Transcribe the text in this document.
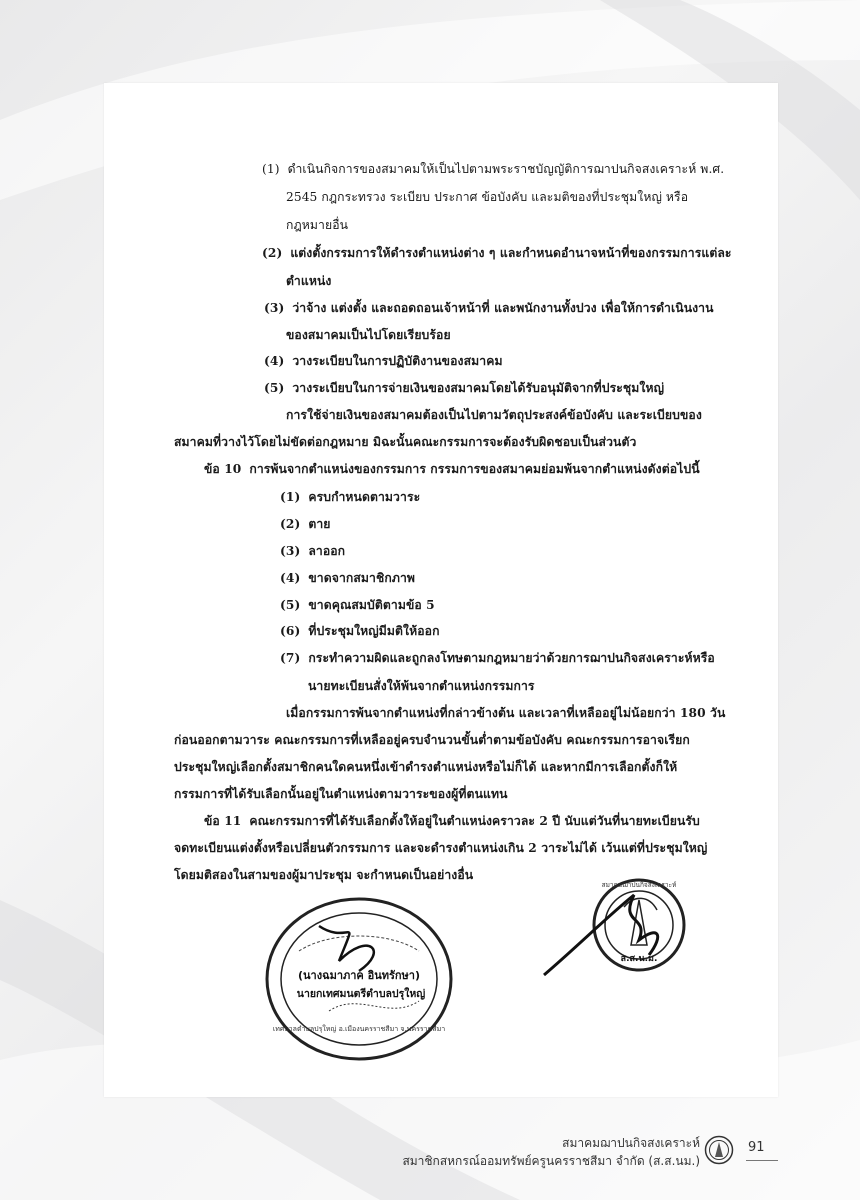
(1) ดำเนินกิจการของสมาคมให้เป็นไปตามพระราชบัญญัติการฌาปนกิจสงเคราะห์ พ.ศ.
2545 กฎกระทรวง ระเบียบ ประกาศ ข้อบังคับ และมติของที่ประชุมใหญ่ หรือ
กฎหมายอื่น
(2) แต่งตั้งกรรมการให้ดำรงตำแหน่งต่าง ๆ และกำหนดอำนาจหน้าที่ของกรรมการแต่ละ
ตำแหน่ง
(3) ว่าจ้าง แต่งตั้ง และถอดถอนเจ้าหน้าที่ และพนักงานทั้งปวง เพื่อให้การดำเนินงาน
ของสมาคมเป็นไปโดยเรียบร้อย
(4) วางระเบียบในการปฏิบัติงานของสมาคม
(5) วางระเบียบในการจ่ายเงินของสมาคมโดยได้รับอนุมัติจากที่ประชุมใหญ่
การใช้จ่ายเงินของสมาคมต้องเป็นไปตามวัตถุประสงค์ข้อบังคับ และระเบียบของ
สมาคมที่วางไว้โดยไม่ขัดต่อกฎหมาย มิฉะนั้นคณะกรรมการจะต้องรับผิดชอบเป็นส่วนตัว
ข้อ 10 การพ้นจากตำแหน่งของกรรมการ กรรมการของสมาคมย่อมพ้นจากตำแหน่งดังต่อไปนี้
(1) ครบกำหนดตามวาระ
(2) ตาย
(3) ลาออก
(4) ขาดจากสมาชิกภาพ
(5) ขาดคุณสมบัติตามข้อ 5
(6) ที่ประชุมใหญ่มีมติให้ออก
(7) กระทำความผิดและถูกลงโทษตามกฎหมายว่าด้วยการฌาปนกิจสงเคราะห์หรือ
นายทะเบียนสั่งให้พ้นจากตำแหน่งกรรมการ
เมื่อกรรมการพ้นจากตำแหน่งที่กล่าวข้างต้น และเวลาที่เหลืออยู่ไม่น้อยกว่า 180 วัน
ก่อนออกตามวาระ คณะกรรมการที่เหลืออยู่ครบจำนวนขั้นต่ำตามข้อบังคับ คณะกรรมการอาจเรียก
ประชุมใหญ่เลือกตั้งสมาชิกคนใดคนหนึ่งเข้าดำรงตำแหน่งหรือไม่ก็ได้ และหากมีการเลือกตั้งก็ให้
กรรมการที่ได้รับเลือกนั้นอยู่ในตำแหน่งตามวาระของผู้ที่ตนแทน
ข้อ 11 คณะกรรมการที่ได้รับเลือกตั้งให้อยู่ในตำแหน่งคราวละ 2 ปี นับแต่วันที่นายทะเบียนรับ
จดทะเบียนแต่งตั้งหรือเปลี่ยนตัวกรรมการ และจะดำรงตำแหน่งเกิน 2 วาระไม่ได้ เว้นแต่ที่ประชุมใหญ่
โดยมติสองในสามของผู้มาประชุม จะกำหนดเป็นอย่างอื่น
(นางฉมาภาค อินทรักษา)
นายกเทศมนตรีตำบลปรุใหญ่
เทศบาลตำบลปรุใหญ่ อ.เมืองนครราชสีมา จ.นครราชสีมา
ส.ส.น.ม.
สมาคมฌาปนกิจสงเคราะห์
สมาคมฌาปนกิจสงเคราะห์
สมาชิกสหกรณ์ออมทรัพย์ครูนครราชสีมา จำกัด (ส.ส.นม.)
91
